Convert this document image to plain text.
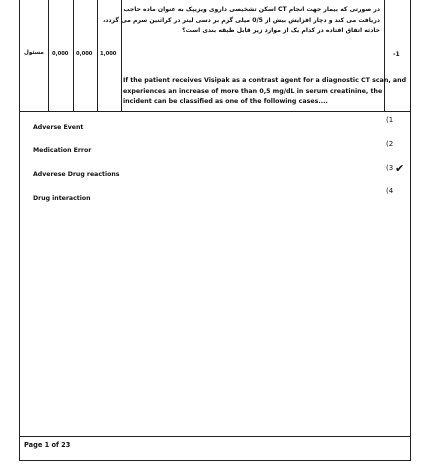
مسئول 0,000 0,000 1,000	-1
در صورتی که بیمار جهت انجام CT اسکن تشخیصی داروی ویزیپک به عنوان ماده حاجب
دریافت می کند و دچار افزایش بیش از 0/5 میلی گرم بر دسی لیتر در کراتنین سرم می گردد،
حادثه اتفاق افتاده در کدام یک از موارد زیر قابل طبقه بندی است؟
If the patient receives Visipak as a contrast agent for a diagnostic CT scan, and
experiences an increase of more than 0,5 mg/dL in serum creatinine, the
incident can be classified as one of the following cases....
Adverse Event
Medication Error
Adverese Drug reactions
Drug interaction
(1
(2
(3
(4
✔
Page 1 of 23
